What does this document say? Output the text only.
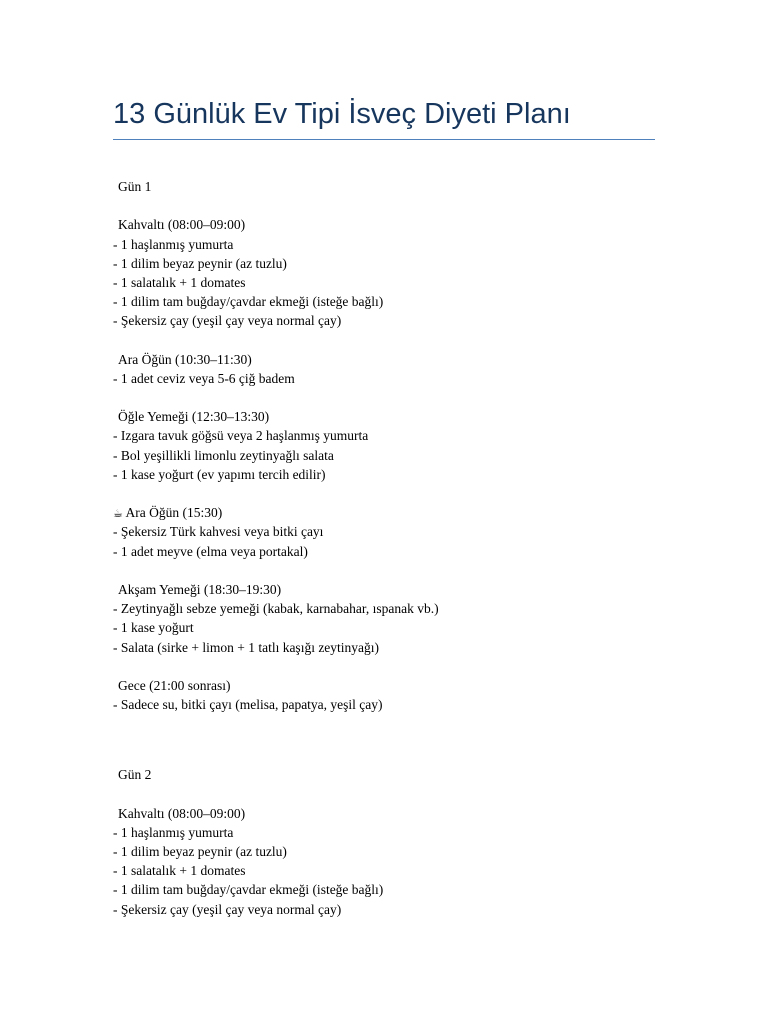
13 Günlük Ev Tipi İsveç Diyeti Planı
Gün 1
Kahvaltı (08:00–09:00)
- 1 haşlanmış yumurta
- 1 dilim beyaz peynir (az tuzlu)
- 1 salatalık + 1 domates
- 1 dilim tam buğday/çavdar ekmeği (isteğe bağlı)
- Şekersiz çay (yeşil çay veya normal çay)
Ara Öğün (10:30–11:30)
- 1 adet ceviz veya 5-6 çiğ badem
Öğle Yemeği (12:30–13:30)
- Izgara tavuk göğsü veya 2 haşlanmış yumurta
- Bol yeşillikli limonlu zeytinyağlı salata
- 1 kase yoğurt (ev yapımı tercih edilir)
☕ Ara Öğün (15:30)
- Şekersiz Türk kahvesi veya bitki çayı
- 1 adet meyve (elma veya portakal)
Akşam Yemeği (18:30–19:30)
- Zeytinyağlı sebze yemeği (kabak, karnabahar, ıspanak vb.)
- 1 kase yoğurt
- Salata (sirke + limon + 1 tatlı kaşığı zeytinyağı)
Gece (21:00 sonrası)
- Sadece su, bitki çayı (melisa, papatya, yeşil çay)
Gün 2
Kahvaltı (08:00–09:00)
- 1 haşlanmış yumurta
- 1 dilim beyaz peynir (az tuzlu)
- 1 salatalık + 1 domates
- 1 dilim tam buğday/çavdar ekmeği (isteğe bağlı)
- Şekersiz çay (yeşil çay veya normal çay)
